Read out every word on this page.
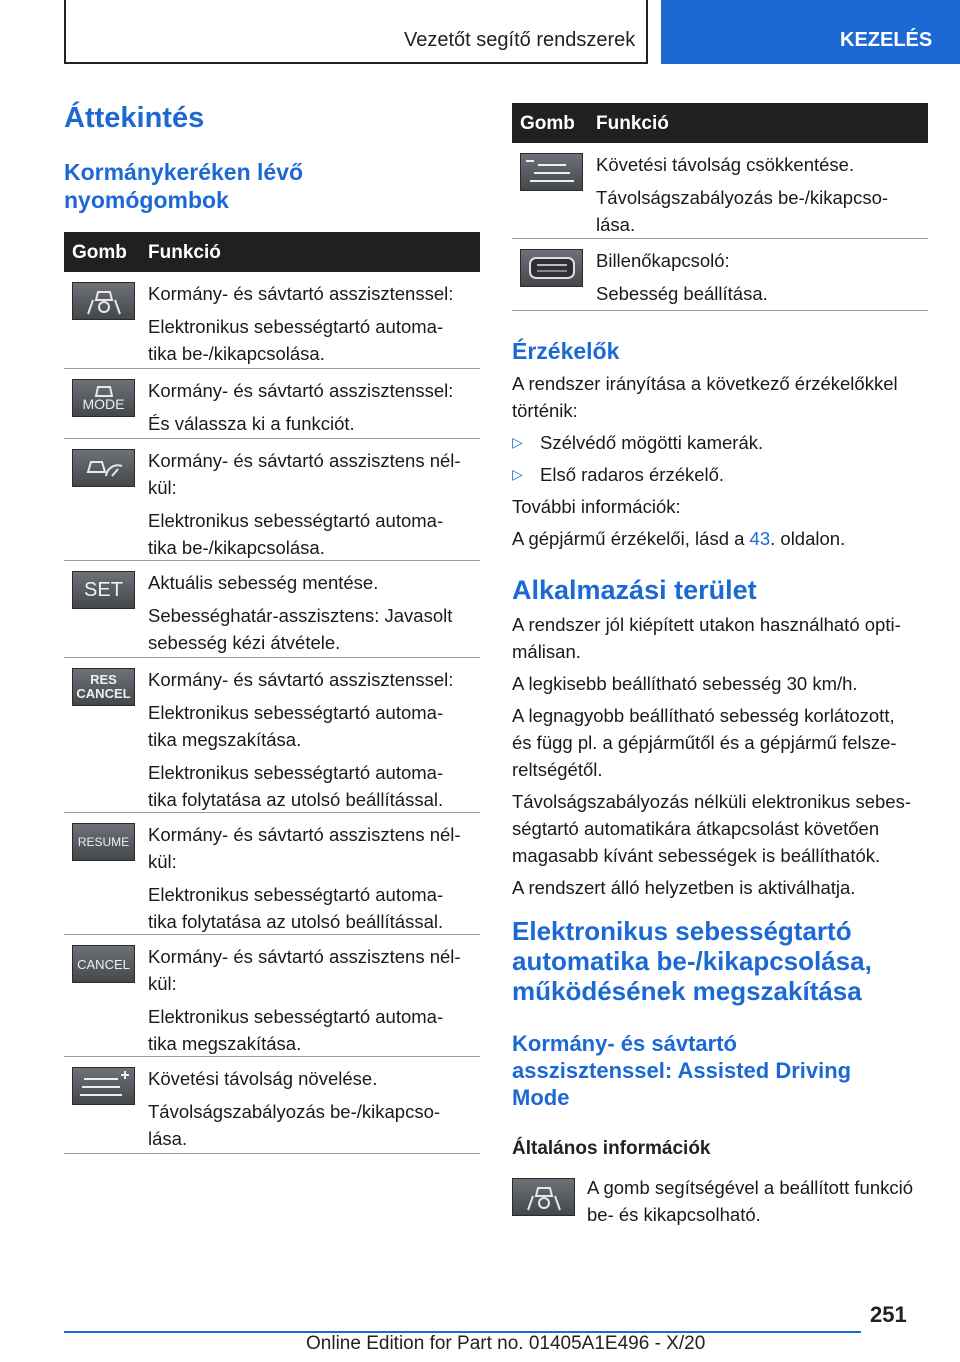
Vezetőt segítő rendszerek	KEZELÉS
Áttekintés
Kormánykeréken lévő
nyomógombok
Gomb Funkció

Kormány- és sávtartó asszisztenssel:

Elektronikus sebességtartó automa-
tika be-/kikapcsolása.
MODE

Kormány- és sávtartó asszisztenssel:

És válassza ki a funkciót.
Kormány- és sávtartó asszisztens nél-

kül:

Elektronikus sebességtartó automa-
tika be-/kikapcsolása.
SET Aktuális sebesség mentése.

Sebességhatár-asszisztens: Javasolt
sebesség kézi átvétele.
RES
CANCEL

Kormány- és sávtartó asszisztenssel:

Elektronikus sebességtartó automa-

tika megszakítása.

Elektronikus sebességtartó automa-
tika folytatása az utolsó beállítással.
RESUME Kormány- és sávtartó asszisztens nél-

kül:

Elektronikus sebességtartó automa-
tika folytatása az utolsó beállítással.
CANCEL Kormány- és sávtartó asszisztens nél-

kül:

Elektronikus sebességtartó automa-
tika megszakítása.

Követési távolság növelése.

Távolságszabályozás be-/kikapcso-
lása.
Gomb Funkció

Követési távolság csökkentése.

Távolságszabályozás be-/kikapcso-
lása.

Billenőkapcsoló:

Sebesség beállítása.
Érzékelők
A rendszer irányítása a következő érzékelőkkel

történik:

▷ Szélvédő mögötti kamerák.

▷ Első radaros érzékelő.

További információk:

A gépjármű érzékelői, lásd a 43. oldalon.
Alkalmazási terület
A rendszer jól kiépített utakon használható opti-

málisan.

A legkisebb beállítható sebesség 30 km/h.

A legnagyobb beállítható sebesség korlátozott,
és függ pl. a gépjárműtől és a gépjármű felsze-

reltségétől.

Távolságszabályozás nélküli elektronikus sebes-
ségtartó automatikára átkapcsolást követően

magasabb kívánt sebességek is beállíthatók.

A rendszert álló helyzetben is aktiválhatja.
Elektronikus sebességtartó
automatika be-/kikapcsolása,
működésének megszakítása
Kormány- és sávtartó
asszisztenssel: Assisted Driving
Mode
Általános információk
A gomb segítségével a beállított funkció
be- és kikapcsolható.
251
Online Edition for Part no. 01405A1E496 - X/20
